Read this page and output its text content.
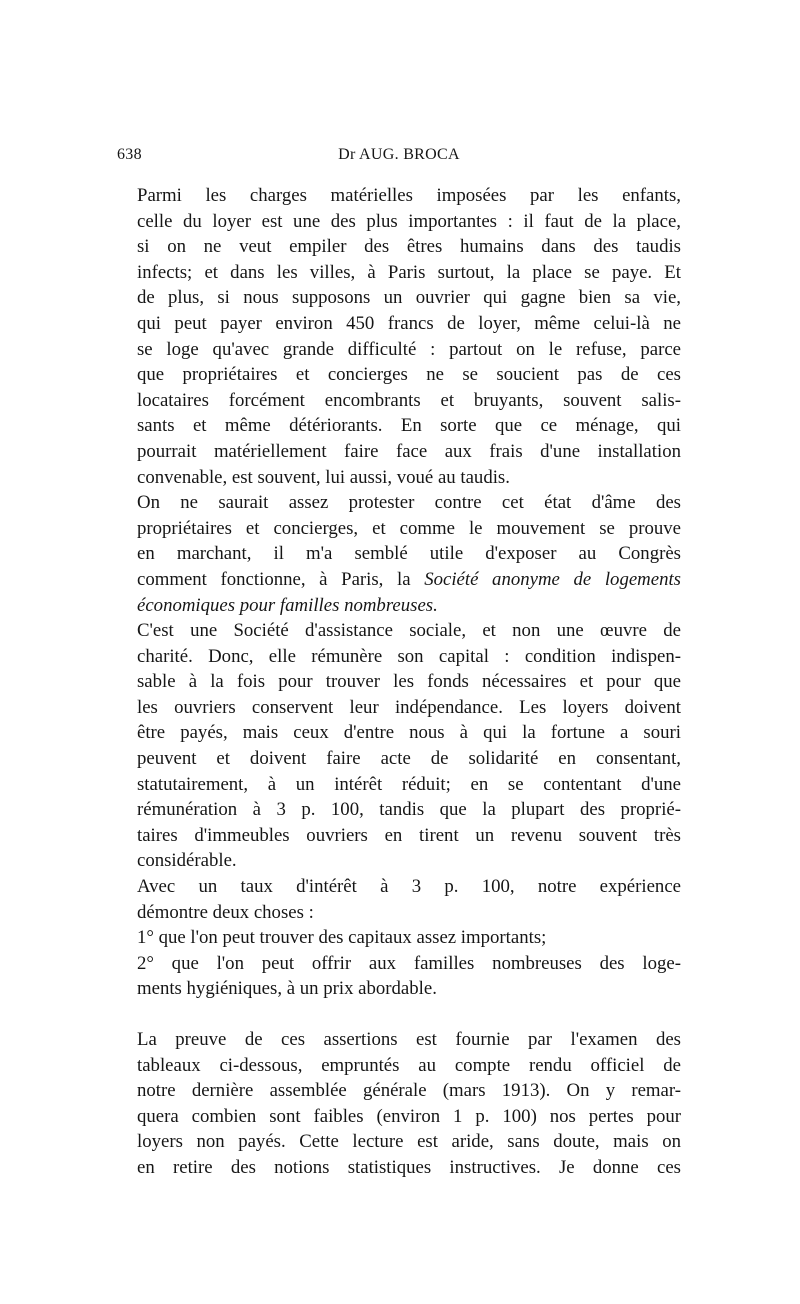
638	Dr AUG. BROCA

Parmi les charges matérielles imposées par les enfants,
celle du loyer est une des plus importantes : il faut de la place,
si on ne veut empiler des êtres humains dans des taudis
infects; et dans les villes, à Paris surtout, la place se paye. Et
de plus, si nous supposons un ouvrier qui gagne bien sa vie,
qui peut payer environ 450 francs de loyer, même celui-là ne
se loge qu'avec grande difficulté : partout on le refuse, parce
que propriétaires et concierges ne se soucient pas de ces
locataires forcément encombrants et bruyants, souvent salis-
sants et même détériorants. En sorte que ce ménage, qui
pourrait matériellement faire face aux frais d'une installation
convenable, est souvent, lui aussi, voué au taudis.

On ne saurait assez protester contre cet état d'âme des
propriétaires et concierges, et comme le mouvement se prouve
en marchant, il m'a semblé utile d'exposer au Congrès
comment fonctionne, à Paris, la Société anonyme de logements
économiques pour familles nombreuses.

C'est une Société d'assistance sociale, et non une œuvre de
charité. Donc, elle rémunère son capital : condition indispen-
sable à la fois pour trouver les fonds nécessaires et pour que
les ouvriers conservent leur indépendance. Les loyers doivent
être payés, mais ceux d'entre nous à qui la fortune a souri
peuvent et doivent faire acte de solidarité en consentant,
statutairement, à un intérêt réduit; en se contentant d'une
rémunération à 3 p. 100, tandis que la plupart des proprié-
taires d'immeubles ouvriers en tirent un revenu souvent très
considérable.

Avec un taux d'intérêt à 3 p. 100, notre expérience
démontre deux choses :

1° que l'on peut trouver des capitaux assez importants;

2° que l'on peut offrir aux familles nombreuses des loge-
ments hygiéniques, à un prix abordable.

La preuve de ces assertions est fournie par l'examen des
tableaux ci-dessous, empruntés au compte rendu officiel de
notre dernière assemblée générale (mars 1913). On y remar-
quera combien sont faibles (environ 1 p. 100) nos pertes pour
loyers non payés. Cette lecture est aride, sans doute, mais on
en retire des notions statistiques instructives. Je donne ces
